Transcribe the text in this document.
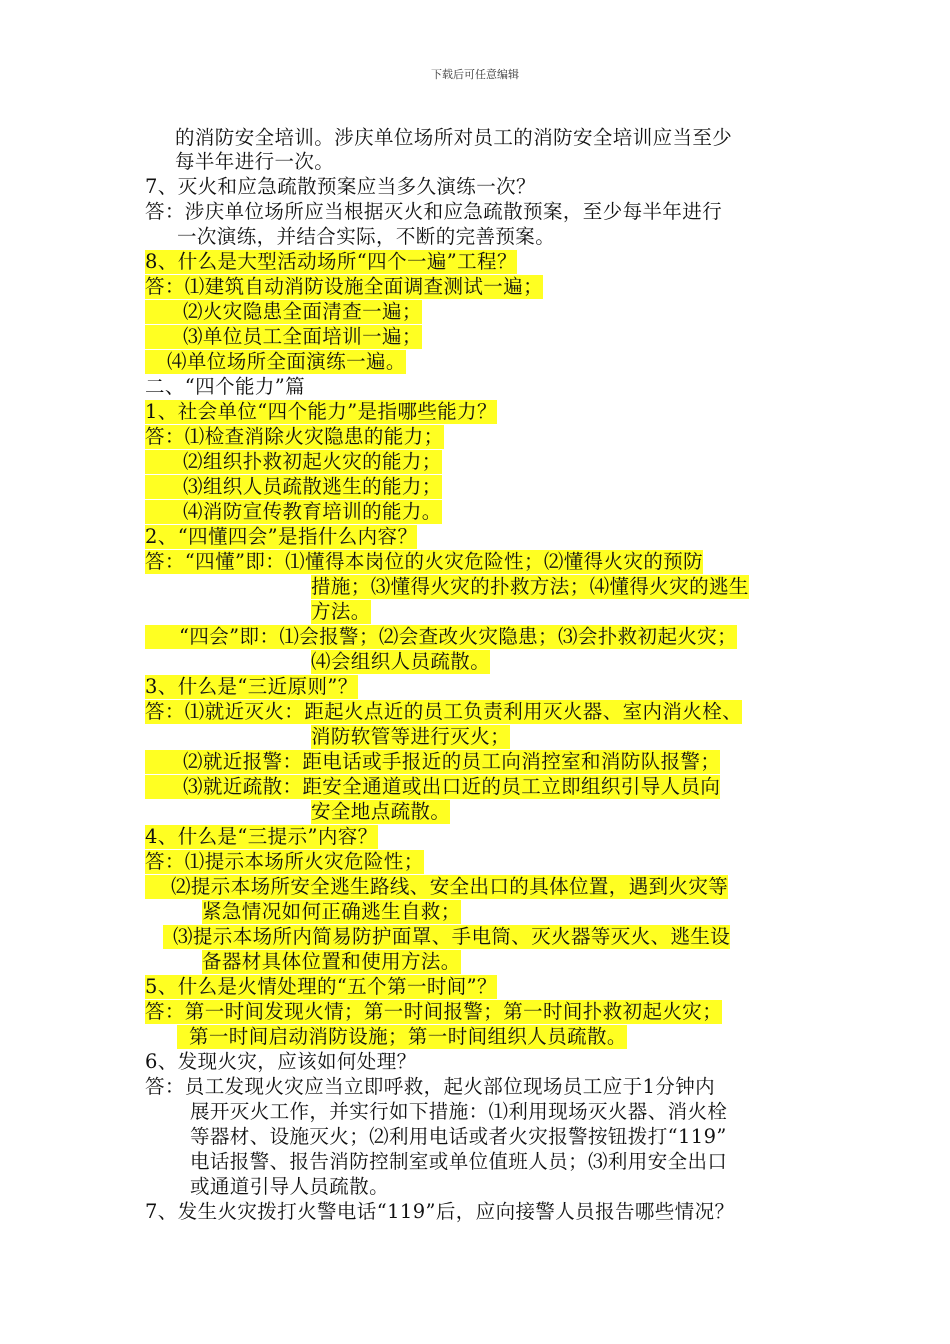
下载后可任意编辑
的消防安全培训。涉庆单位场所对员工的消防安全培训应当至少
每半年进行一次。
7、灭火和应急疏散预案应当多久演练一次？
答：涉庆单位场所应当根据灭火和应急疏散预案，至少每半年进行
一次演练，并结合实际，不断的完善预案。
8、什么是大型活动场所“四个一遍”工程？
答：⑴建筑自动消防设施全面调查测试一遍；
⑵火灾隐患全面清查一遍；
⑶单位员工全面培训一遍；
⑷单位场所全面演练一遍。
二、“四个能力”篇
1、社会单位“四个能力”是指哪些能力？
答：⑴检查消除火灾隐患的能力；
⑵组织扑救初起火灾的能力；
⑶组织人员疏散逃生的能力；
⑷消防宣传教育培训的能力。
2、“四懂四会”是指什么内容？
答：“四懂”即：⑴懂得本岗位的火灾危险性；⑵懂得火灾的预防
措施；⑶懂得火灾的扑救方法；⑷懂得火灾的逃生
方法。
“四会”即：⑴会报警；⑵会查改火灾隐患；⑶会扑救初起火灾；
⑷会组织人员疏散。
3、什么是“三近原则”？
答：⑴就近灭火：距起火点近的员工负责利用灭火器、室内消火栓、
消防软管等进行灭火；
⑵就近报警：距电话或手报近的员工向消控室和消防队报警；
⑶就近疏散：距安全通道或出口近的员工立即组织引导人员向
安全地点疏散。
4、什么是“三提示”内容？
答：⑴提示本场所火灾危险性；
⑵提示本场所安全逃生路线、安全出口的具体位置，遇到火灾等
紧急情况如何正确逃生自救；
⑶提示本场所内简易防护面罩、手电筒、灭火器等灭火、逃生设
备器材具体位置和使用方法。
5、什么是火情处理的“五个第一时间”？
答：第一时间发现火情；第一时间报警；第一时间扑救初起火灾；
第一时间启动消防设施；第一时间组织人员疏散。
6、发现火灾，应该如何处理？
答：员工发现火灾应当立即呼救，起火部位现场员工应于1分钟内
展开灭火工作，并实行如下措施：⑴利用现场灭火器、消火栓
等器材、设施灭火；⑵利用电话或者火灾报警按钮拨打“119”
电话报警、报告消防控制室或单位值班人员；⑶利用安全出口
或通道引导人员疏散。
7、发生火灾拨打火警电话“119”后，应向接警人员报告哪些情况？
